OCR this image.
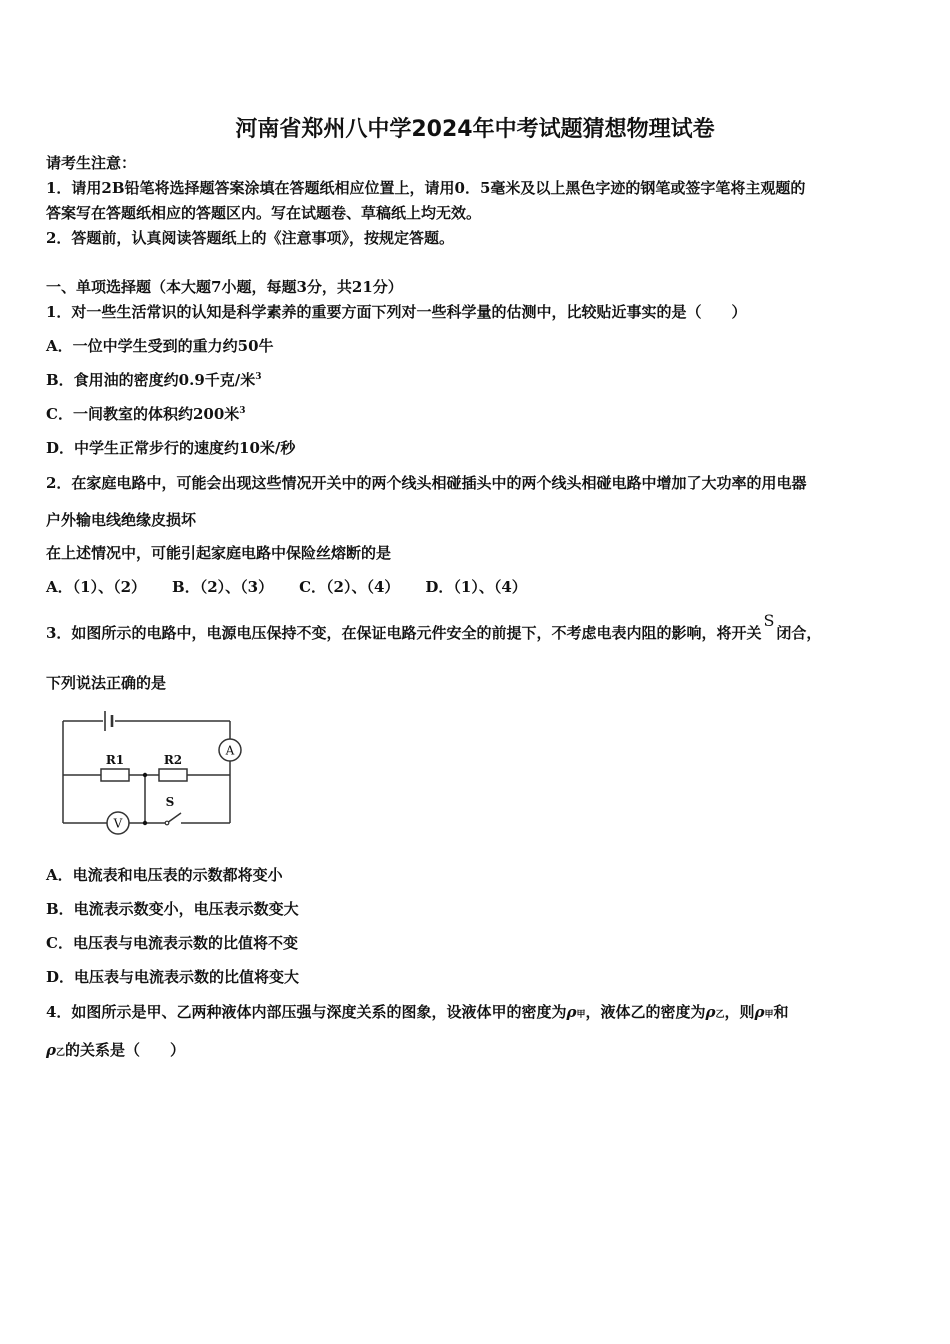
河南省郑州八中学2024年中考试题猜想物理试卷
请考生注意：
1．请用2B铅笔将选择题答案涂填在答题纸相应位置上，请用0．5毫米及以上黑色字迹的钢笔或签字笔将主观题的
答案写在答题纸相应的答题区内。写在试题卷、草稿纸上均无效。
2．答题前，认真阅读答题纸上的《注意事项》，按规定答题。
一、单项选择题（本大题7小题，每题3分，共21分）
1．对一些生活常识的认知是科学素养的重要方面下列对一些科学量的估测中，比较贴近事实的是（　　）
A．一位中学生受到的重力约50牛
B．食用油的密度约0.9千克/米$^3$
C．一间教室的体积约200米$^3$
D．中学生正常步行的速度约10米/秒
2．在家庭电路中，可能会出现这些情况开关中的两个线头相碰插头中的两个线头相碰电路中增加了大功率的用电器
户外输电线绝缘皮损坏
在上述情况中，可能引起家庭电路中保险丝熔断的是
A．（1）、（2） B．（2）、（3） C．（2）、（4） D．（1）、（4）
3．如图所示的电路中，电源电压保持不变，在保证电路元件安全的前提下，不考虑电表内阻的影响，将开关S闭合，
下列说法正确的是
A
V
R1	R2
S
A．电流表和电压表的示数都将变小
B．电流表示数变小，电压表示数变大
C．电压表与电流表示数的比值将不变
D．电压表与电流表示数的比值将变大
4．如图所示是甲、乙两种液体内部压强与深度关系的图象，设液体甲的密度为ρ甲，液体乙的密度为ρ乙，则ρ甲和
ρ乙的关系是（　　）
